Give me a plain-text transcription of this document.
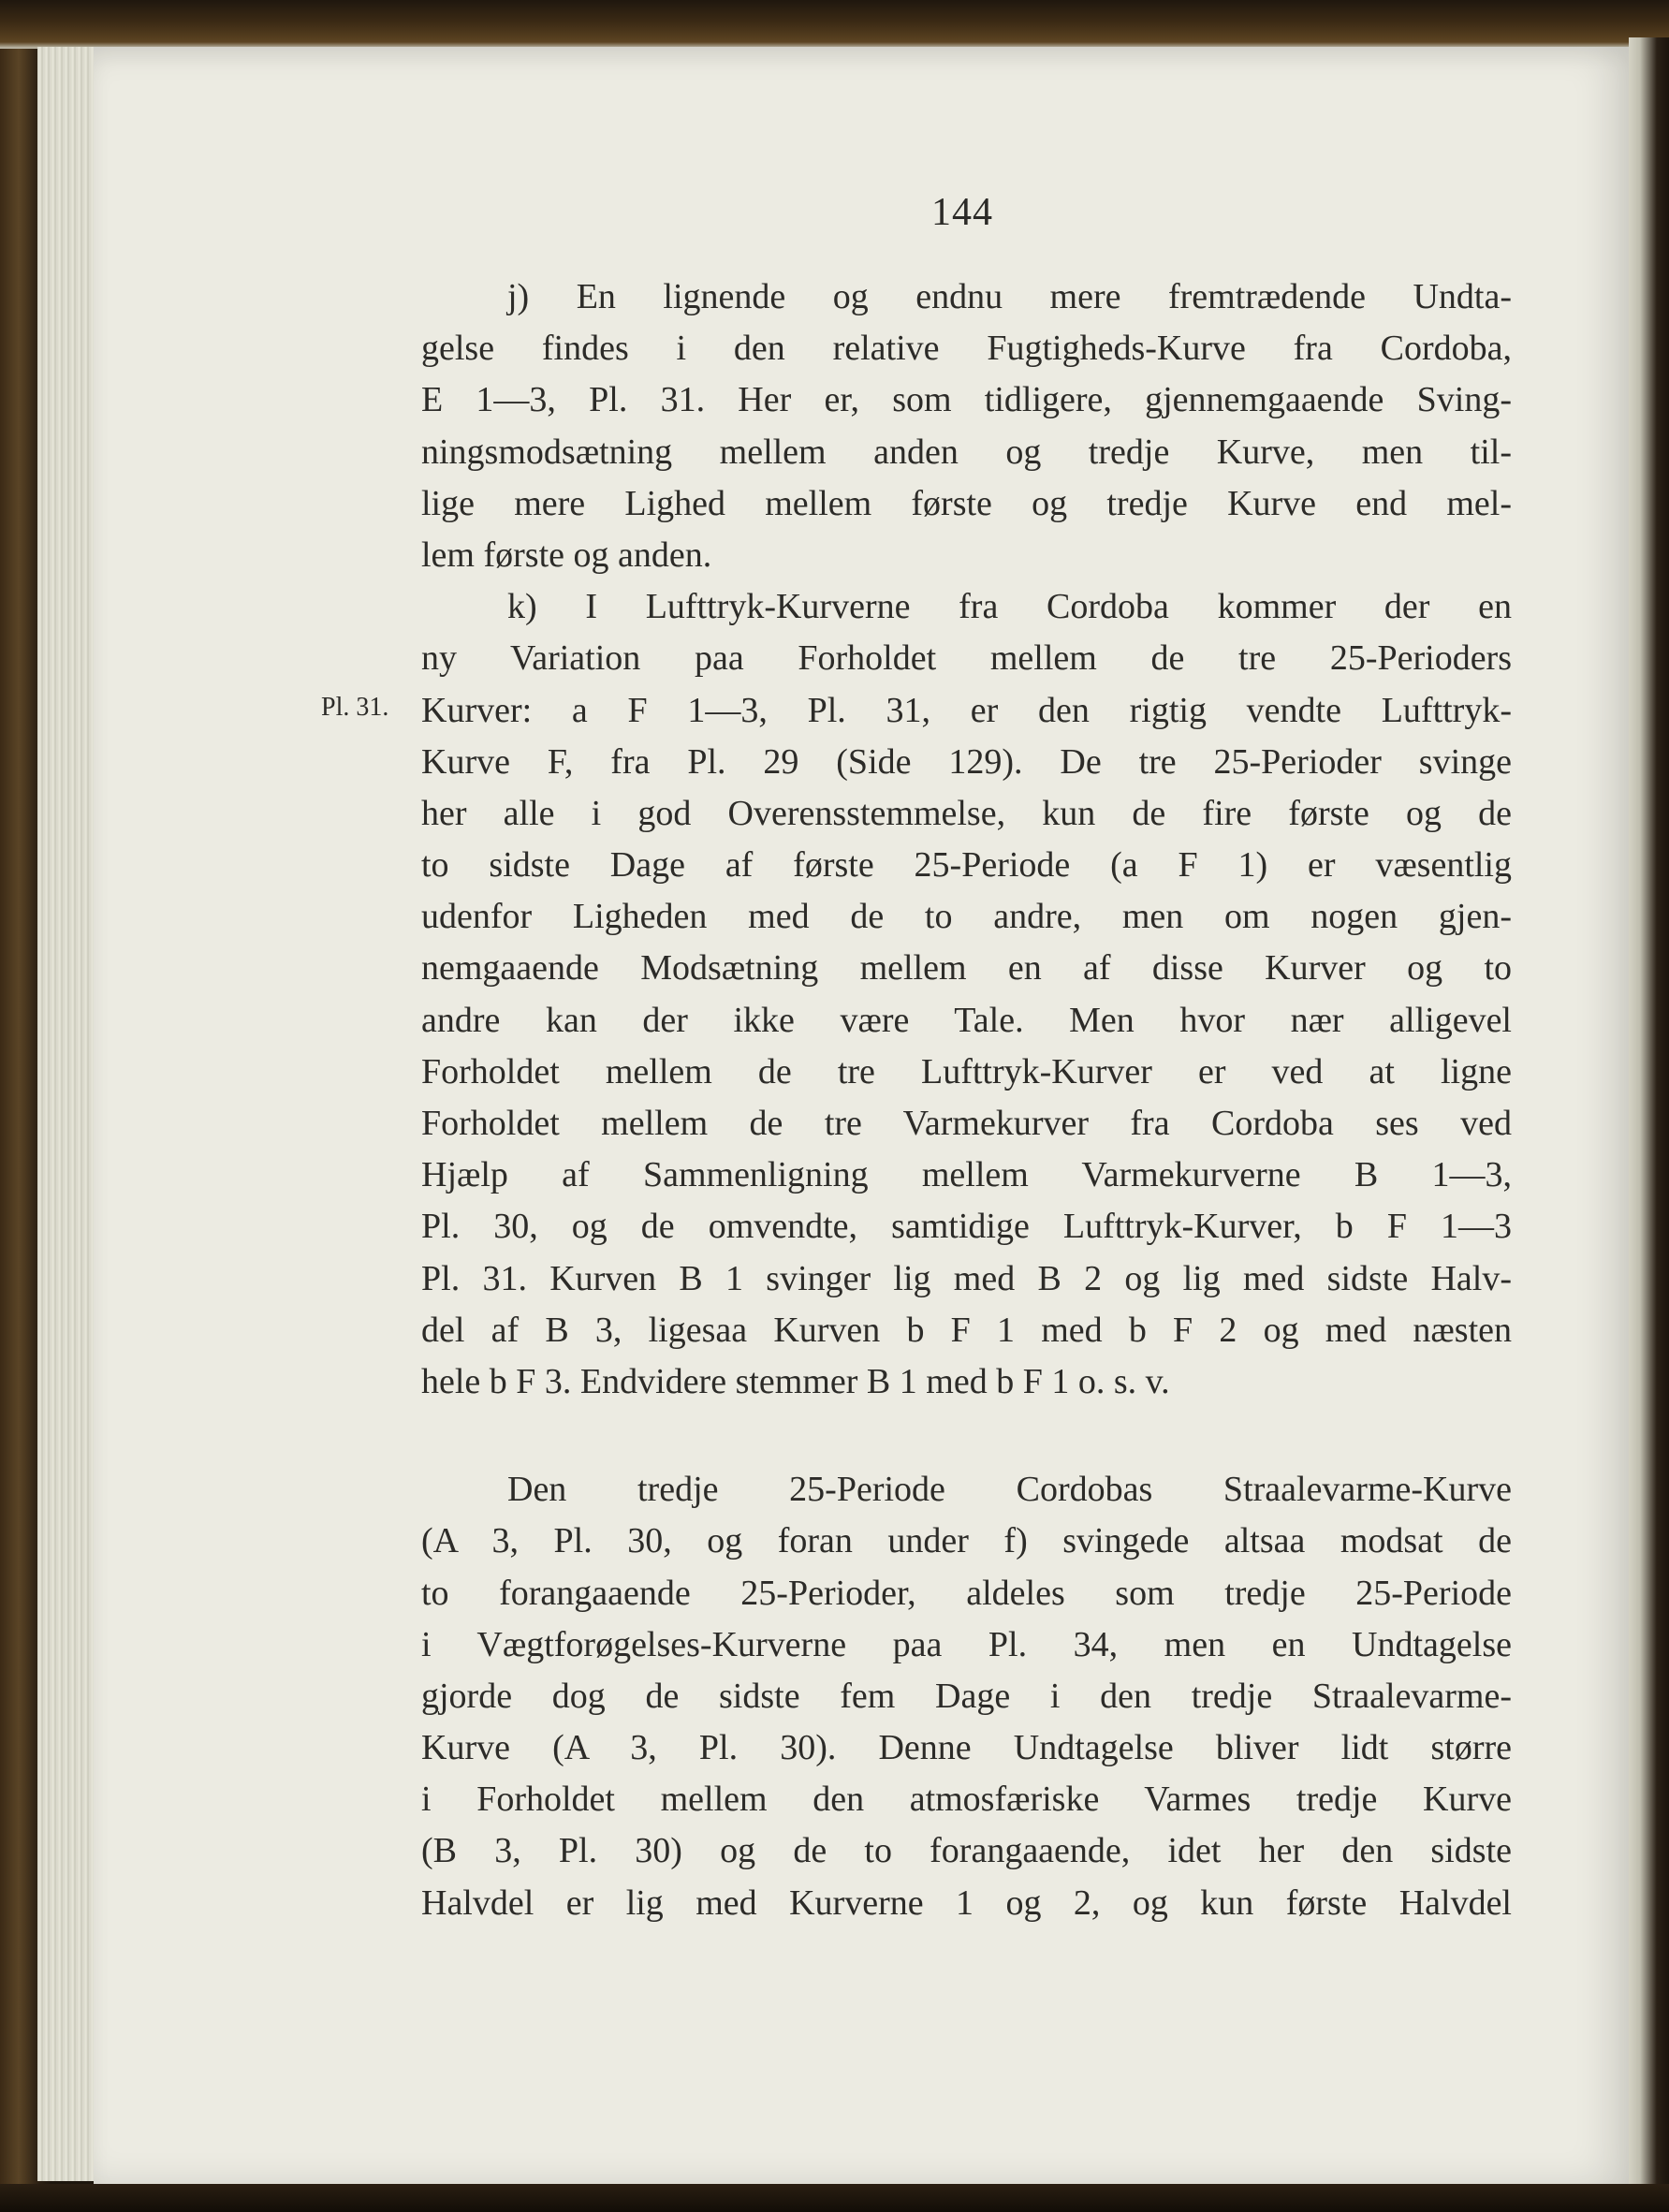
144
Pl. 31.
j) En lignende og endnu mere fremtrædende Undta-
gelse findes i den relative Fugtigheds-Kurve fra Cordoba,
E 1—3, Pl. 31. Her er, som tidligere, gjennemgaaende Sving-
ningsmodsætning mellem anden og tredje Kurve, men til-
lige mere Lighed mellem første og tredje Kurve end mel-
lem første og anden.
k) I Lufttryk-Kurverne fra Cordoba kommer der en
ny Variation paa Forholdet mellem de tre 25-Perioders
Kurver: a F 1—3, Pl. 31, er den rigtig vendte Lufttryk-
Kurve F, fra Pl. 29 (Side 129). De tre 25-Perioder svinge
her alle i god Overensstemmelse, kun de fire første og de
to sidste Dage af første 25-Periode (a F 1) er væsentlig
udenfor Ligheden med de to andre, men om nogen gjen-
nemgaaende Modsætning mellem en af disse Kurver og to
andre kan der ikke være Tale. Men hvor nær alligevel
Forholdet mellem de tre Lufttryk-Kurver er ved at ligne
Forholdet mellem de tre Varmekurver fra Cordoba ses ved
Hjælp af Sammenligning mellem Varmekurverne B 1—3,
Pl. 30, og de omvendte, samtidige Lufttryk-Kurver, b F 1—3
Pl. 31. Kurven B 1 svinger lig med B 2 og lig med sidste Halv-
del af B 3, ligesaa Kurven b F 1 med b F 2 og med næsten
hele b F 3. Endvidere stemmer B 1 med b F 1 o. s. v.
Den tredje 25-Periode Cordobas Straalevarme-Kurve
(A 3, Pl. 30, og foran under f) svingede altsaa modsat de
to forangaaende 25-Perioder, aldeles som tredje 25-Periode
i Vægtforøgelses-Kurverne paa Pl. 34, men en Undtagelse
gjorde dog de sidste fem Dage i den tredje Straalevarme-
Kurve (A 3, Pl. 30). Denne Undtagelse bliver lidt større
i Forholdet mellem den atmosfæriske Varmes tredje Kurve
(B 3, Pl. 30) og de to forangaaende, idet her den sidste
Halvdel er lig med Kurverne 1 og 2, og kun første Halvdel
